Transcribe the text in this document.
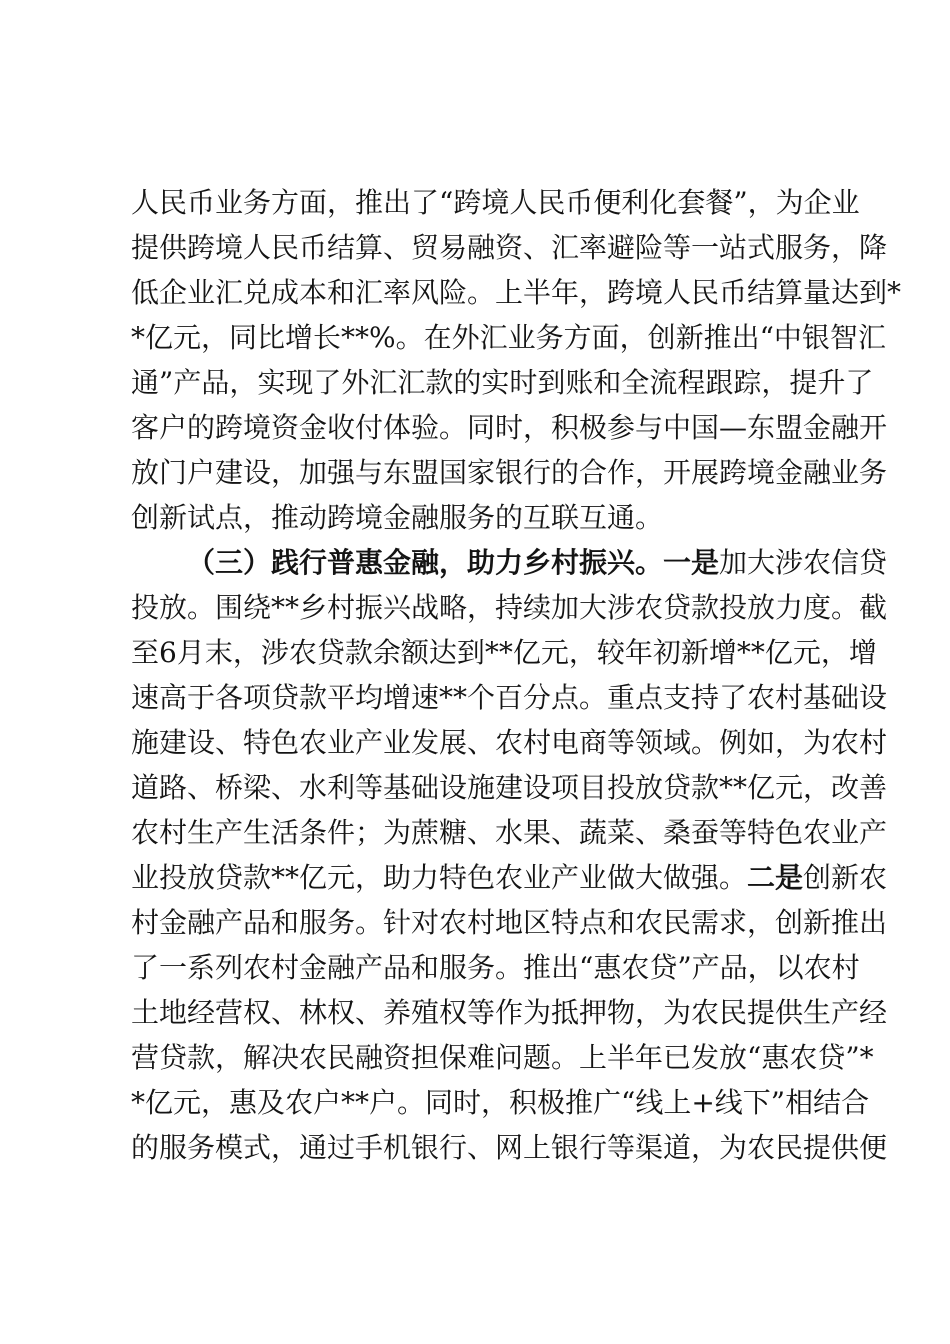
人民币业务方面，推出了“跨境人民币便利化套餐”，为企业
提供跨境人民币结算、贸易融资、汇率避险等一站式服务，降
低企业汇兑成本和汇率风险。上半年，跨境人民币结算量达到*
*亿元，同比增长**%。在外汇业务方面，创新推出“中银智汇
通”产品，实现了外汇汇款的实时到账和全流程跟踪，提升了
客户的跨境资金收付体验。同时，积极参与中国—东盟金融开
放门户建设，加强与东盟国家银行的合作，开展跨境金融业务
创新试点，推动跨境金融服务的互联互通。
（三）践行普惠金融，助力乡村振兴。一是加大涉农信贷
投放。围绕**乡村振兴战略，持续加大涉农贷款投放力度。截
至6月末，涉农贷款余额达到**亿元，较年初新增**亿元，增
速高于各项贷款平均增速**个百分点。重点支持了农村基础设
施建设、特色农业产业发展、农村电商等领域。例如，为农村
道路、桥梁、水利等基础设施建设项目投放贷款**亿元，改善
农村生产生活条件；为蔗糖、水果、蔬菜、桑蚕等特色农业产
业投放贷款**亿元，助力特色农业产业做大做强。二是创新农
村金融产品和服务。针对农村地区特点和农民需求，创新推出
了一系列农村金融产品和服务。推出“惠农贷”产品，以农村
土地经营权、林权、养殖权等作为抵押物，为农民提供生产经
营贷款，解决农民融资担保难问题。上半年已发放“惠农贷”*
*亿元，惠及农户**户。同时，积极推广“线上+线下”相结合
的服务模式，通过手机银行、网上银行等渠道，为农民提供便
